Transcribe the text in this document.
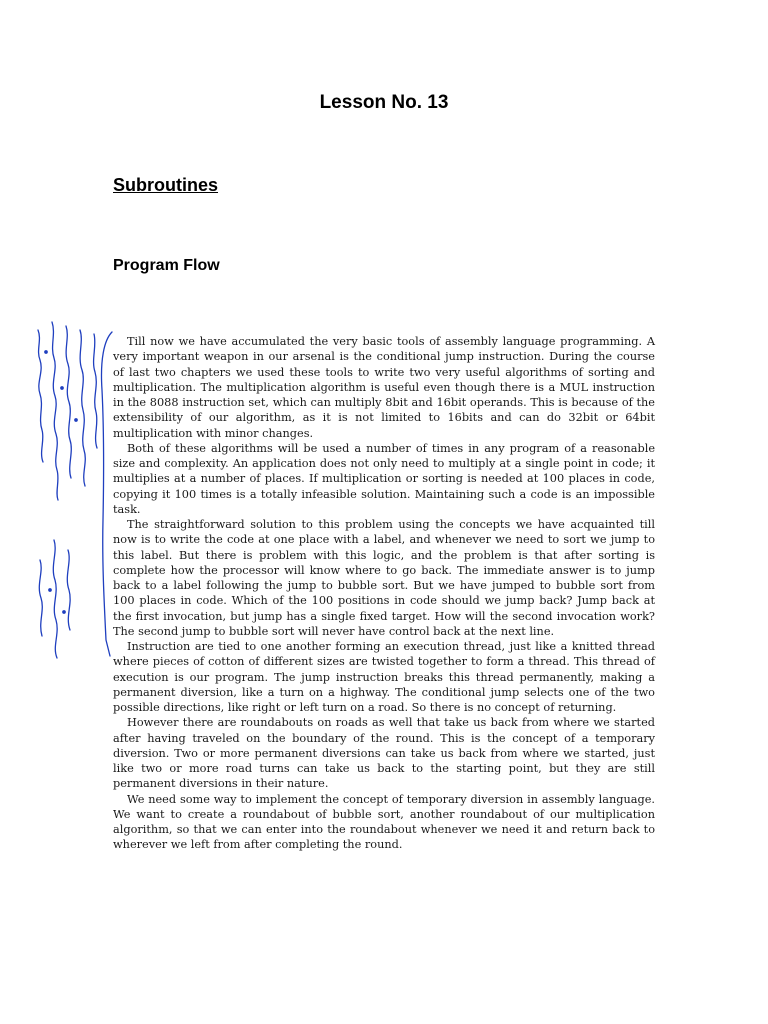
Lesson No. 13
Subroutines
Program Flow

Till now we have accumulated the very basic tools of assembly language programming. A very important weapon in our arsenal is the conditional jump instruction. During the course of last two chapters we used these tools to write two very useful algorithms of sorting and multiplication. The multiplication algorithm is useful even though there is a MUL instruction in the 8088 instruction set, which can multiply 8bit and 16bit operands. This is because of the extensibility of our algorithm, as it is not limited to 16bits and can do 32bit or 64bit multiplication with minor changes.

Both of these algorithms will be used a number of times in any program of a reasonable size and complexity. An application does not only need to multiply at a single point in code; it multiplies at a number of places. If multiplication or sorting is needed at 100 places in code, copying it 100 times is a totally infeasible solution. Maintaining such a code is an impossible task.

The straightforward solution to this problem using the concepts we have acquainted till now is to write the code at one place with a label, and whenever we need to sort we jump to this label. But there is problem with this logic, and the problem is that after sorting is complete how the processor will know where to go back. The immediate answer is to jump back to a label following the jump to bubble sort. But we have jumped to bubble sort from 100 places in code. Which of the 100 positions in code should we jump back? Jump back at the first invocation, but jump has a single fixed target. How will the second invocation work? The second jump to bubble sort will never have control back at the next line.

Instruction are tied to one another forming an execution thread, just like a knitted thread where pieces of cotton of different sizes are twisted together to form a thread. This thread of execution is our program. The jump instruction breaks this thread permanently, making a permanent diversion, like a turn on a highway. The conditional jump selects one of the two possible directions, like right or left turn on a road. So there is no concept of returning.

However there are roundabouts on roads as well that take us back from where we started after having traveled on the boundary of the round. This is the concept of a temporary diversion. Two or more permanent diversions can take us back from where we started, just like two or more road turns can take us back to the starting point, but they are still permanent diversions in their nature.

We need some way to implement the concept of temporary diversion in assembly language. We want to create a roundabout of bubble sort, another roundabout of our multiplication algorithm, so that we can enter into the roundabout whenever we need it and return back to wherever we left from after completing the round.
